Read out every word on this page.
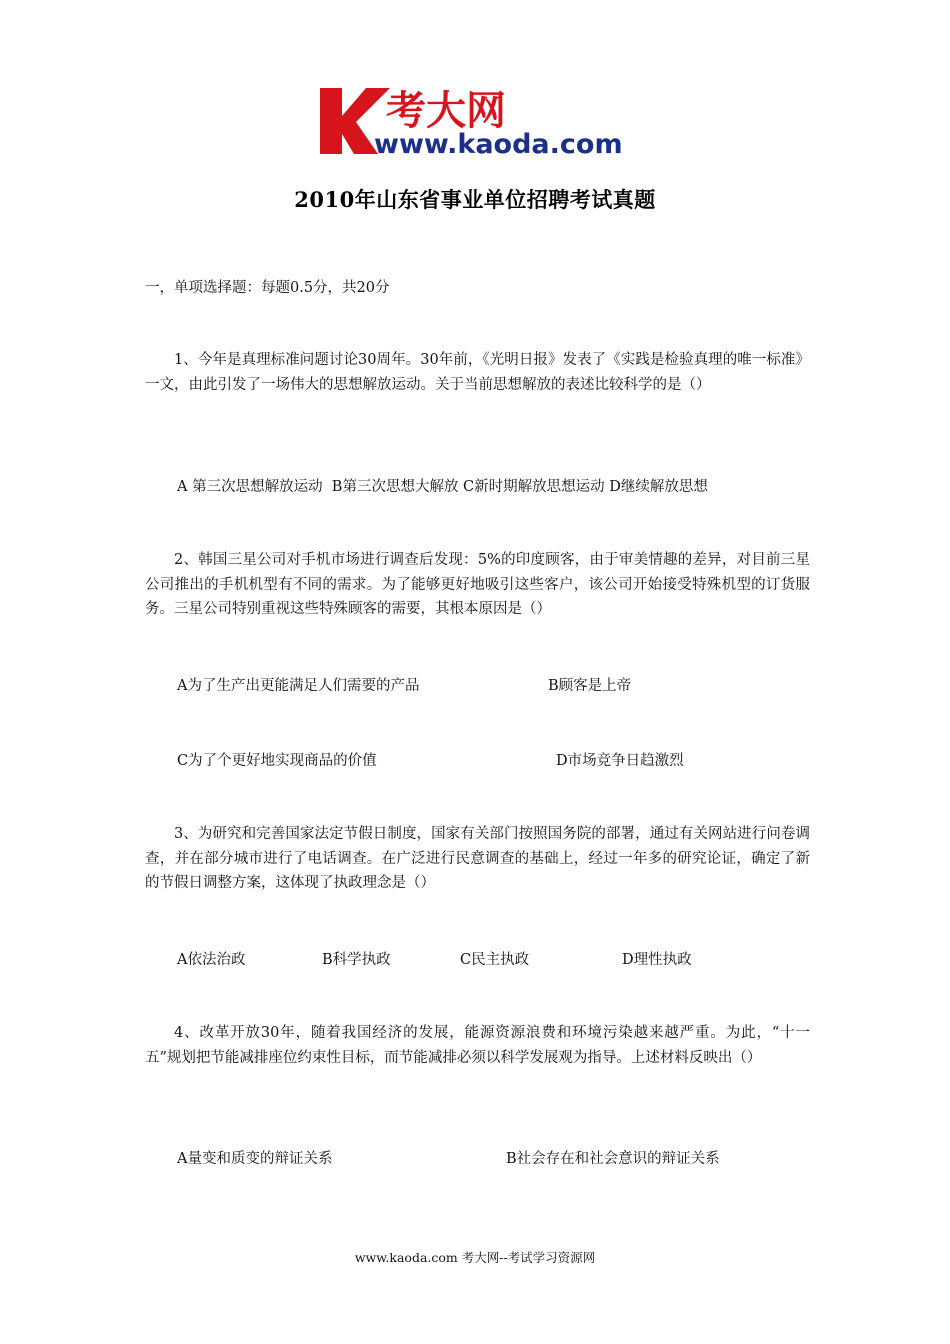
考大网
www.kaoda.com
2010年山东省事业单位招聘考试真题
一，单项选择题：每题0.5分，共20分
1、今年是真理标准问题讨论30周年。30年前，《光明日报》发表了《实践是检验真理的唯一标准》一文，由此引发了一场伟大的思想解放运动。关于当前思想解放的表述比较科学的是（）
A 第三次思想解放运动  B第三次思想大解放 C新时期解放思想运动 D继续解放思想
2、韩国三星公司对手机市场进行调查后发现：5%的印度顾客，由于审美情趣的差异，对目前三星公司推出的手机机型有不同的需求。为了能够更好地吸引这些客户，该公司开始接受特殊机型的订货服务。三星公司特别重视这些特殊顾客的需要，其根本原因是（）
A为了生产出更能满足人们需要的产品	B顾客是上帝
C为了个更好地实现商品的价值	D市场竞争日趋激烈
3、为研究和完善国家法定节假日制度，国家有关部门按照国务院的部署，通过有关网站进行问卷调查，并在部分城市进行了电话调查。在广泛进行民意调查的基础上，经过一年多的研究论证，确定了新的节假日调整方案，这体现了执政理念是（）
A依法治政	B科学执政	C民主执政	D理性执政
4、改革开放30年，随着我国经济的发展，能源资源浪费和环境污染越来越严重。为此，“十一五”规划把节能减排座位约束性目标，而节能减排必须以科学发展观为指导。上述材料反映出（）
A量变和质变的辩证关系	B社会存在和社会意识的辩证关系
www.kaoda.com 考大网--考试学习资源网
